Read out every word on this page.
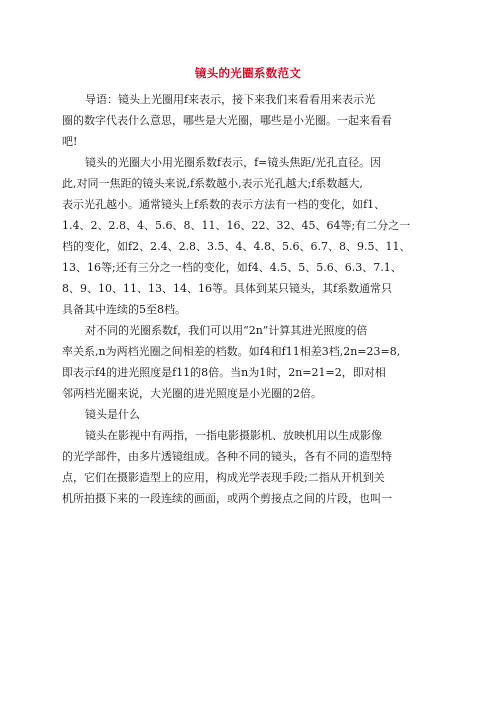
镜头的光圈系数范文
导语：镜头上光圈用f来表示，接下来我们来看看用来表示光
圈的数字代表什么意思，哪些是大光圈，哪些是小光圈。一起来看看
吧!
镜头的光圈大小用光圈系数f表示，f=镜头焦距/光孔直径。因
此,对同一焦距的镜头来说,f系数越小,表示光孔越大;f系数越大,
表示光孔越小。通常镜头上f系数的表示方法有一档的变化，如f1、
1.4、2、2.8、4、5.6、8、11、16、22、32、45、64等;有二分之一
档的变化，如f2、2.4、2.8、3.5、4、4.8、5.6、6.7、8、9.5、11、
13、16等;还有三分之一档的变化，如f4、4.5、5、5.6、6.3、7.1、
8、9、10、11、13、14、16等。具体到某只镜头，其f系数通常只
具备其中连续的5至8档。
对不同的光圈系数f，我们可以用“2n”计算其进光照度的倍
率关系,n为两档光圈之间相差的档数。如f4和f11相差3档,2n=23=8,
即表示f4的进光照度是f11的8倍。当n为1时，2n=21=2，即对相
邻两档光圈来说，大光圈的进光照度是小光圈的2倍。
镜头是什么
镜头在影视中有两指，一指电影摄影机、放映机用以生成影像
的光学部件，由多片透镜组成。各种不同的镜头，各有不同的造型特
点，它们在摄影造型上的应用，构成光学表现手段;二指从开机到关
机所拍摄下来的一段连续的画面，或两个剪接点之间的片段，也叫一
